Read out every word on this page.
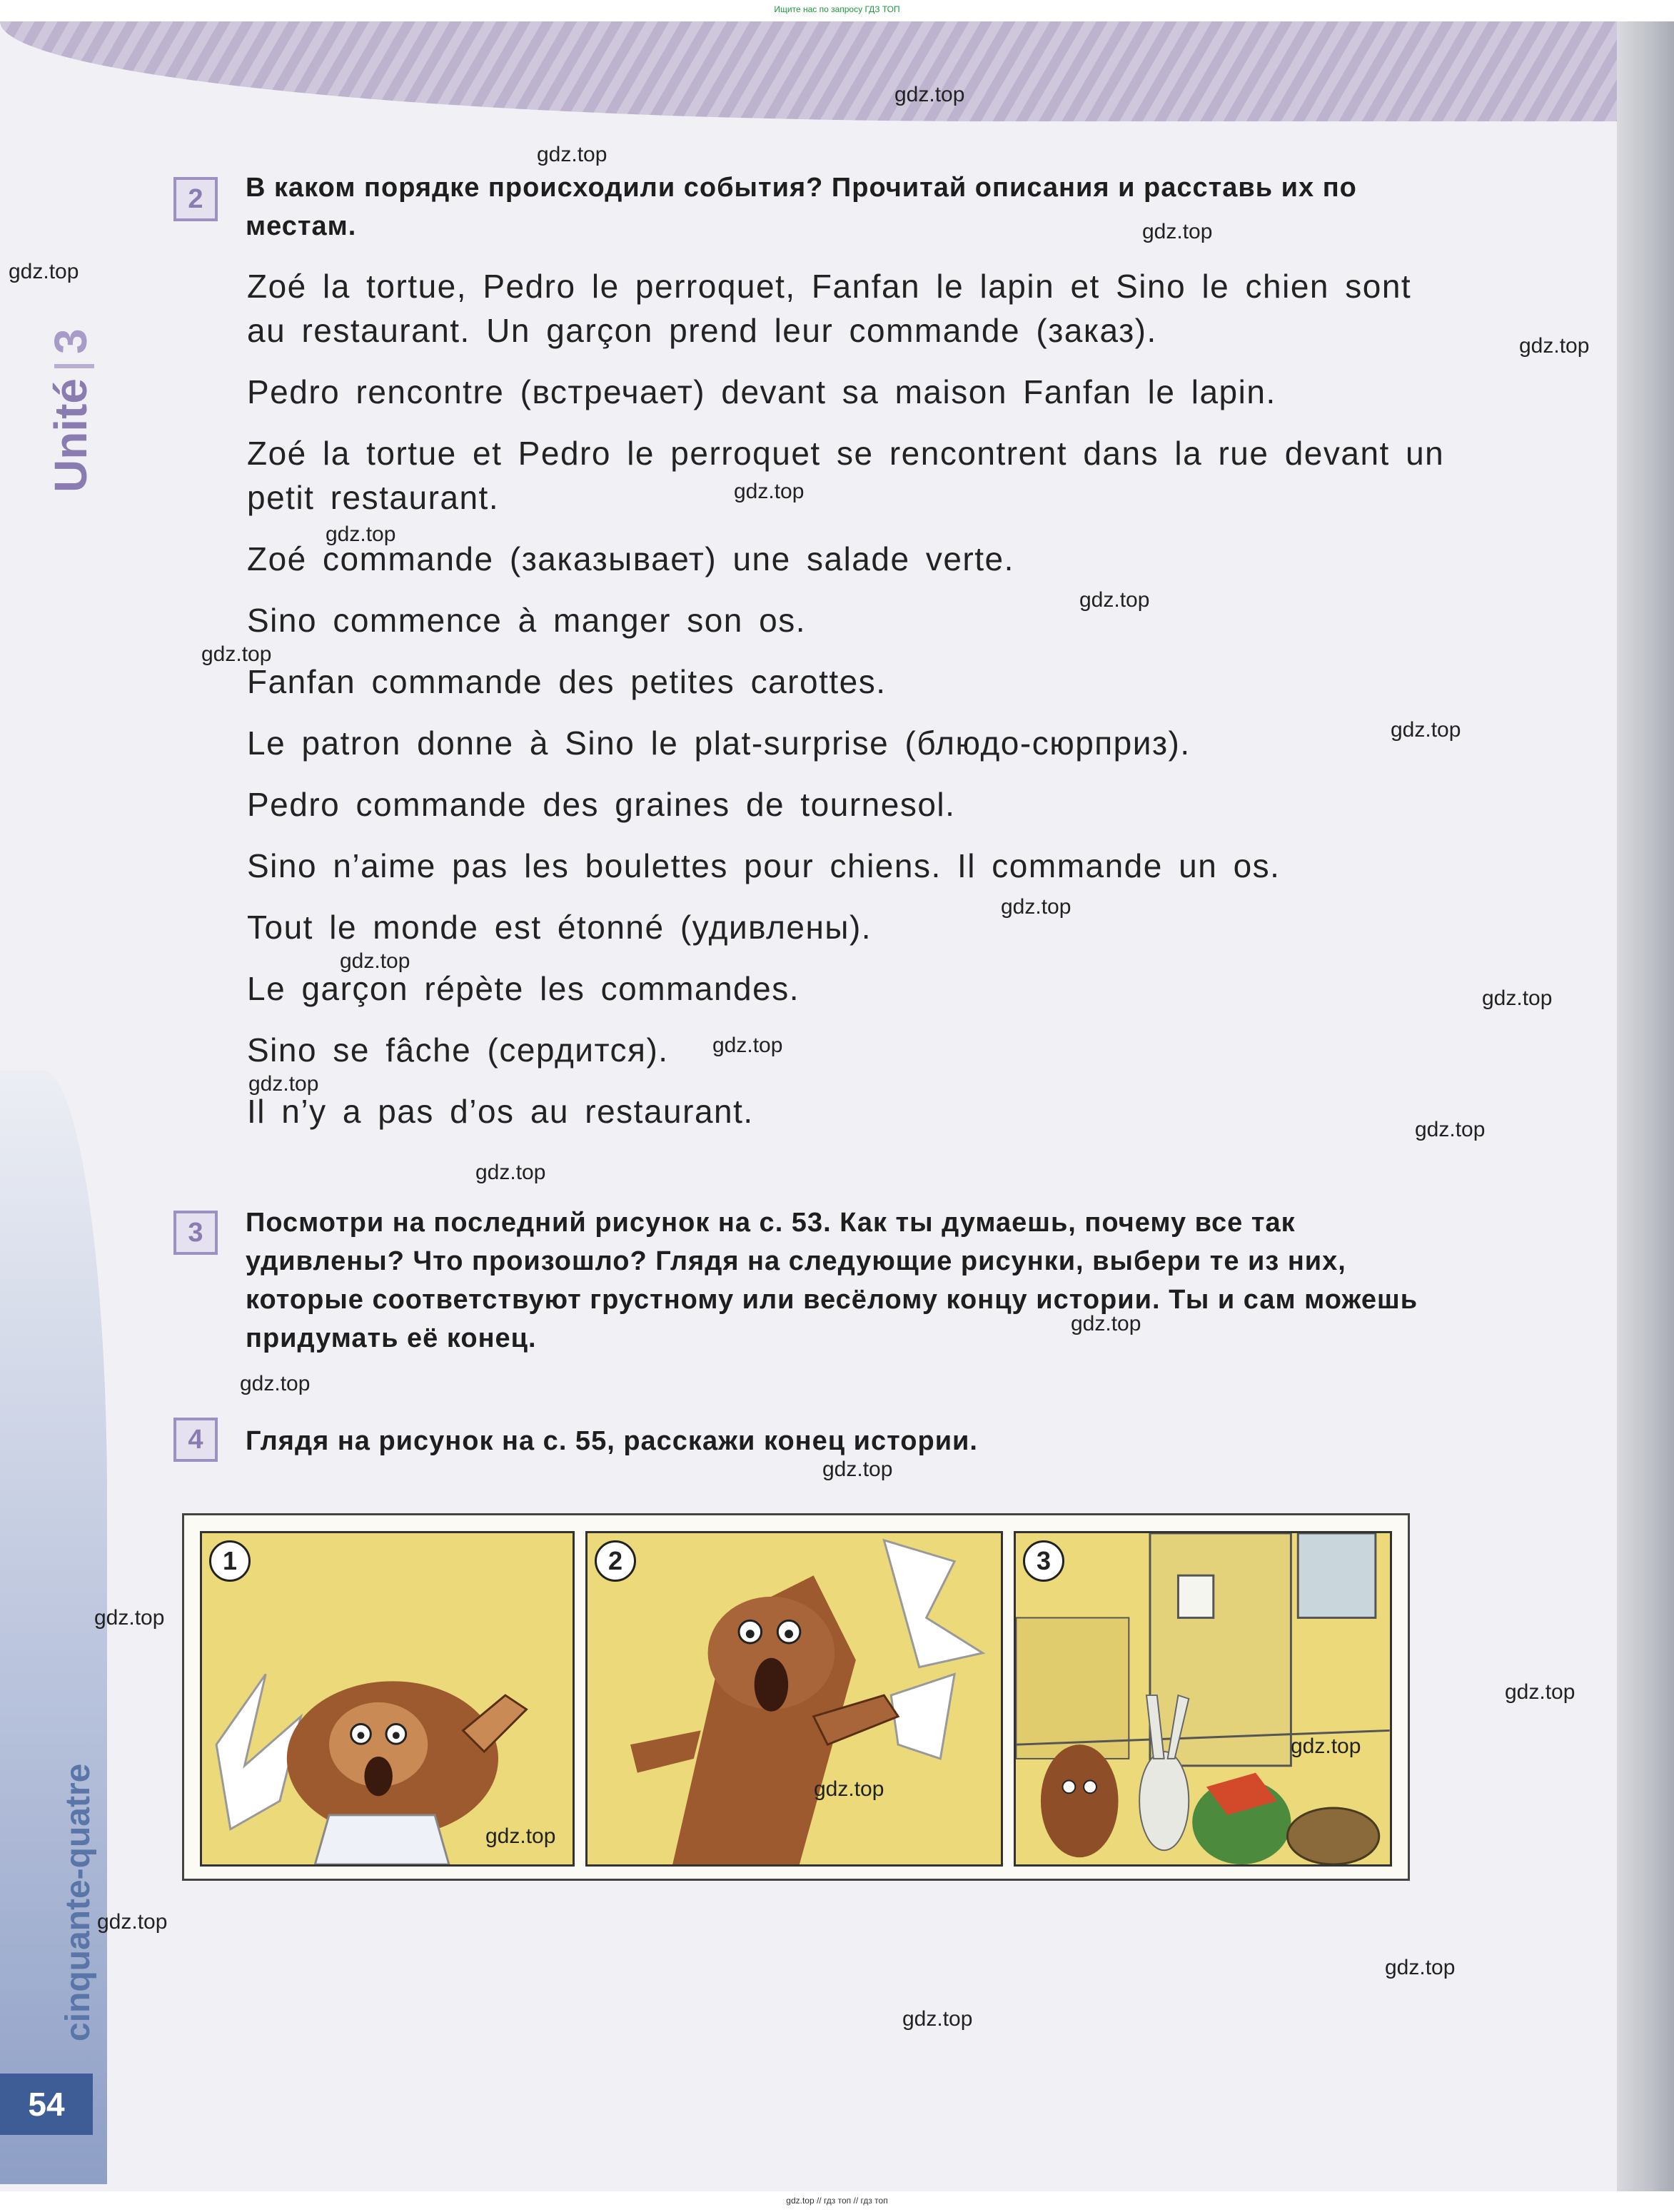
Ищите нас по запросу ГДЗ ТОП
Unité3
2	В каком порядке происходили события? Прочитай описания и расставь их по местам.

Zoé la tortue, Pedro le perroquet, Fanfan le lapin et Sino le chien sont au restaurant. Un garçon prend leur commande (заказ).

Pedro rencontre (встречает) devant sa maison Fanfan le lapin.

Zoé la tortue et Pedro le perroquet se rencontrent dans la rue devant un petit restaurant.

Zoé commande (заказывает) une salade verte.

Sino commence à manger son os.

Fanfan commande des petites carottes.

Le patron donne à Sino le plat-surprise (блюдо-сюрприз).

Pedro commande des graines de tournesol.

Sino n’aime pas les boulettes pour chiens. Il commande un os.

Tout le monde est étonné (удивлены).

Le garçon répète les commandes.

Sino se fâche (сердится).

Il n’y a pas d’os au restaurant.

3	Посмотри на последний рисунок на с. 53. Как ты думаешь, почему все так удивлены? Что произошло? Глядя на следующие рисунки, выбери те из них, которые соответствуют грустному или весёлому концу истории. Ты и сам можешь придумать её конец.
4	Глядя на рисунок на с. 55, расскажи конец истории.
1	2	3
cinquante-quatre
54
gdz.top
gdz.top
gdz.top
gdz.top
gdz.top
gdz.top
gdz.top
gdz.top
gdz.top
gdz.top
gdz.top
gdz.top
gdz.top
gdz.top
gdz.top
gdz.top
gdz.top
gdz.top
gdz.top
gdz.top
gdz.top
gdz.top
gdz.top
gdz.top
gdz.top
gdz.top
gdz.top
gdz.top
gdz.top // гдз топ // гдз топ
